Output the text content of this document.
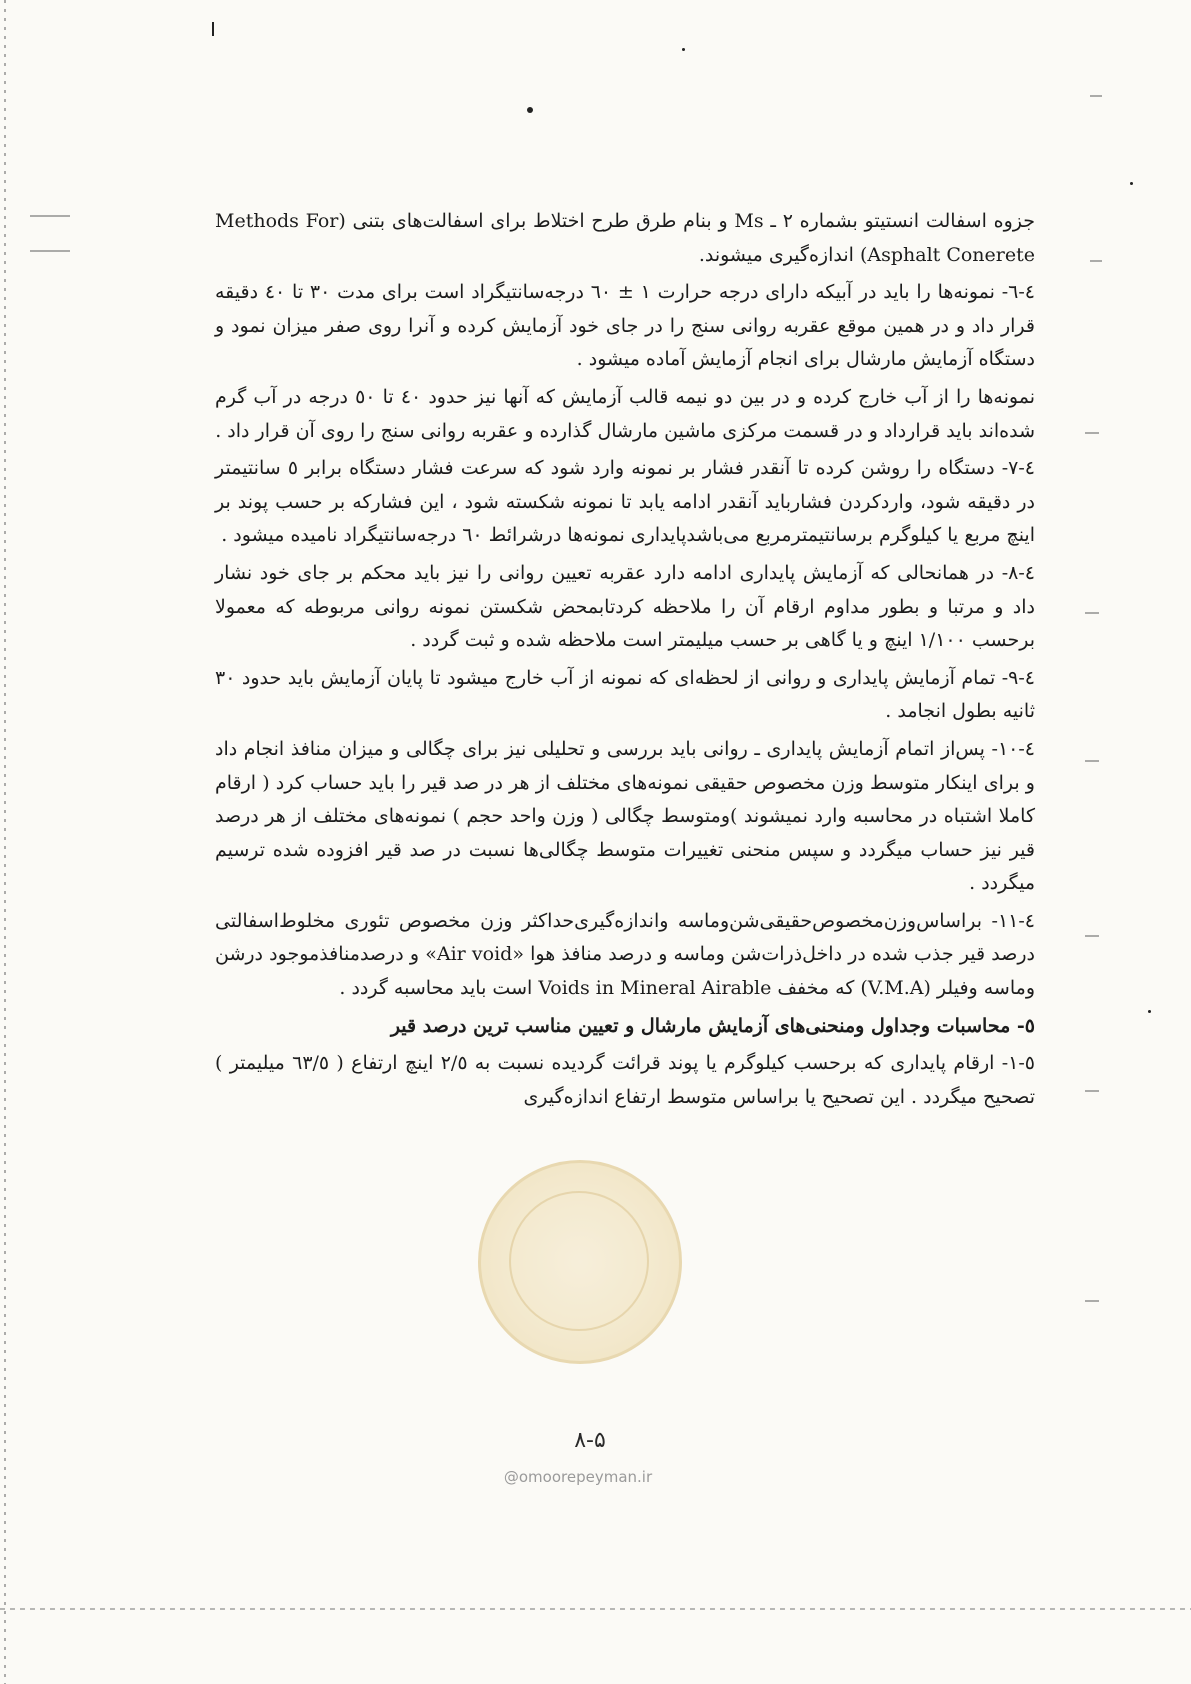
جزوه اسفالت انستیتو بشماره ۲ ـ Ms و بنام طرق طرح اختلاط برای اسفالت‌های بتنی (Methods For Asphalt Conerete) اندازه‌گیری میشوند.

٤-٦- نمونه‌ها را باید در آبیکه دارای درجه حرارت ١ ± ٦٠ درجه‌سانتیگراد است برای مدت ٣٠ تا ٤٠ دقیقه قرار داد و در همین موقع عقربه روانی سنج را در جای خود آزمایش کرده و آنرا روی صفر میزان نمود و دستگاه آزمایش مارشال برای انجام آزمایش آماده میشود .

نمونه‌ها را از آب خارج کرده و در بین دو نیمه قالب آزمایش که آنها نیز حدود ٤٠ تا ٥٠ درجه در آب گرم شده‌اند باید قرارداد و در قسمت مرکزی ماشین مارشال گذارده و عقربه روانی سنج را روی آن قرار داد .

٤-٧- دستگاه را روشن کرده تا آنقدر فشار بر نمونه وارد شود که سرعت فشار دستگاه برابر ٥ سانتیمتر در دقیقه شود، واردکردن فشارباید آنقدر ادامه یابد تا نمونه شکسته شود ، این فشارکه بر حسب پوند بر اینچ مربع یا کیلوگرم برسانتیمترمربع می‌باشدپایداری نمونه‌ها درشرائط ٦٠ درجه‌سانتیگراد نامیده میشود .

٤-٨- در همانحالی که آزمایش پایداری ادامه دارد عقربه تعیین روانی را نیز باید محکم بر جای خود نشار داد و مرتبا و بطور مداوم ارقام آن را ملاحظه کردتابمحض شکستن نمونه روانی مربوطه که معمولا برحسب ١/١٠٠ اینچ و یا گاهی بر حسب میلیمتر است ملاحظه شده و ثبت گردد .

٤-٩- تمام آزمایش پایداری و روانی از لحظه‌ای که نمونه از آب خارج میشود تا پایان آزمایش باید حدود ٣٠ ثانیه بطول انجامد .

٤-١٠- پس‌از اتمام آزمایش پایداری ـ روانی باید بررسی و تحلیلی نیز برای چگالی و میزان منافذ انجام داد و برای اینکار متوسط وزن مخصوص حقیقی نمونه‌های مختلف از هر در صد قیر را باید حساب کرد ( ارقام کاملا اشتباه در محاسبه وارد نمیشوند )ومتوسط چگالی ( وزن واحد حجم ) نمونه‌های مختلف از هر درصد قیر نیز حساب میگردد و سپس منحنی تغییرات متوسط چگالی‌ها نسبت در صد قیر افزوده شده ترسیم میگردد .

٤-١١- براساس‌وزن‌مخصوص‌حقیقی‌شن‌وماسه واندازه‌گیری‌حداکثر وزن مخصوص تئوری مخلوط‌اسفالتی درصد قیر جذب شده در داخل‌ذرات‌شن وماسه و درصد منافذ هوا «Air void» و درصدمنافذموجود درشن وماسه وفیلر (V.M.A) که مخفف Voids in Mineral Airable است باید محاسبه گردد .

٥- محاسبات وجداول ومنحنی‌های آزمایش مارشال و تعیین مناسب ترین درصد قیر

٥-١- ارقام پایداری که برحسب کیلوگرم یا پوند قرائت گردیده نسبت به ٢/٥ اینچ ارتفاع ( ٦٣/٥ میلیمتر ) تصحیح میگردد . این تصحیح یا براساس متوسط ارتفاع اندازه‌گیری

۸-۵
@omoorepeyman.ir
